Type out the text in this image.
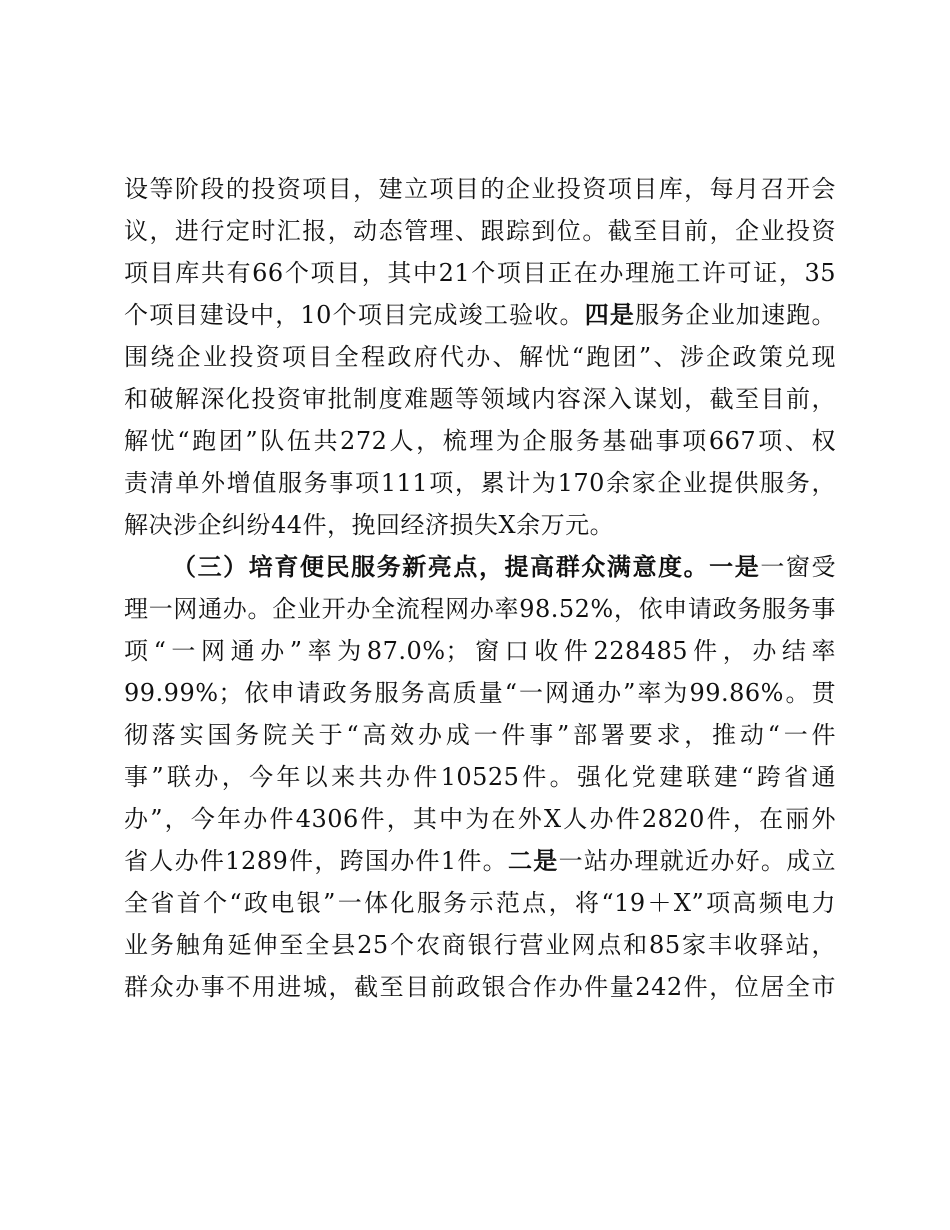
设等阶段的投资项目，建立项目的企业投资项目库，每月召开会
议，进行定时汇报，动态管理、跟踪到位。截至目前，企业投资
项目库共有66个项目，其中21个项目正在办理施工许可证，35
个项目建设中，10个项目完成竣工验收。四是服务企业加速跑。
围绕企业投资项目全程政府代办、解忧“跑团”、涉企政策兑现
和破解深化投资审批制度难题等领域内容深入谋划，截至目前，
解忧“跑团”队伍共272人，梳理为企服务基础事项667项、权
责清单外增值服务事项111项，累计为170余家企业提供服务，
解决涉企纠纷44件，挽回经济损失X余万元。
（三）培育便民服务新亮点，提高群众满意度。一是一窗受
理一网通办。企业开办全流程网办率98.52%，依申请政务服务事
项“一网通办”率为87.0%；窗口收件228485件，办结率
99.99%；依申请政务服务高质量“一网通办”率为99.86%。贯
彻落实国务院关于“高效办成一件事”部署要求，推动“一件
事”联办，今年以来共办件10525件。强化党建联建“跨省通
办”，今年办件4306件，其中为在外X人办件2820件，在丽外
省人办件1289件，跨国办件1件。二是一站办理就近办好。成立
全省首个“政电银”一体化服务示范点，将“19＋X”项高频电力
业务触角延伸至全县25个农商银行营业网点和85家丰收驿站，
群众办事不用进城，截至目前政银合作办件量242件，位居全市
